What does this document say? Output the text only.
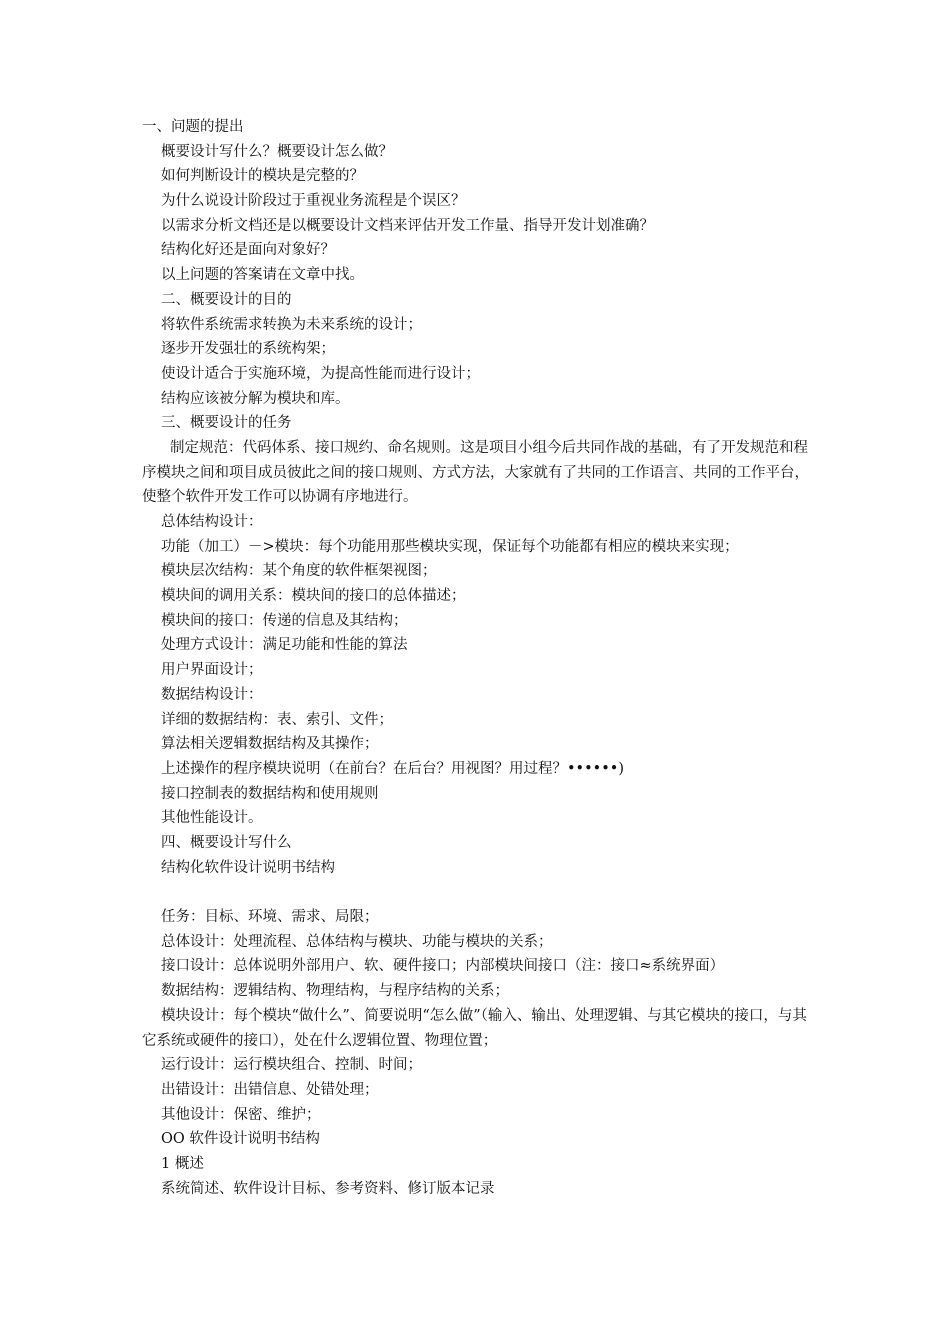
一、问题的提出
概要设计写什么？概要设计怎么做？
如何判断设计的模块是完整的？
为什么说设计阶段过于重视业务流程是个误区？
以需求分析文档还是以概要设计文档来评估开发工作量、指导开发计划准确？
结构化好还是面向对象好？
以上问题的答案请在文章中找。
二、概要设计的目的
将软件系统需求转换为未来系统的设计；
逐步开发强壮的系统构架；
使设计适合于实施环境，为提高性能而进行设计；
结构应该被分解为模块和库。
三、概要设计的任务
制定规范：代码体系、接口规约、命名规则。这是项目小组今后共同作战的基础，有了开发规范和程序模块之间和项目成员彼此之间的接口规则、方式方法，大家就有了共同的工作语言、共同的工作平台，使整个软件开发工作可以协调有序地进行。
总体结构设计：
功能（加工）－>模块：每个功能用那些模块实现，保证每个功能都有相应的模块来实现；
模块层次结构：某个角度的软件框架视图；
模块间的调用关系：模块间的接口的总体描述；
模块间的接口：传递的信息及其结构；
处理方式设计：满足功能和性能的算法
用户界面设计；
数据结构设计：
详细的数据结构：表、索引、文件；
算法相关逻辑数据结构及其操作；
上述操作的程序模块说明（在前台？在后台？用视图？用过程？••••••)
接口控制表的数据结构和使用规则
其他性能设计。
四、概要设计写什么
结构化软件设计说明书结构
任务：目标、环境、需求、局限；
总体设计：处理流程、总体结构与模块、功能与模块的关系；
接口设计：总体说明外部用户、软、硬件接口；内部模块间接口（注：接口≈系统界面）
数据结构：逻辑结构、物理结构，与程序结构的关系；
模块设计：每个模块“做什么”、简要说明“怎么做”（输入、输出、处理逻辑、与其它模块的接口，与其它系统或硬件的接口），处在什么逻辑位置、物理位置；
运行设计：运行模块组合、控制、时间；
出错设计：出错信息、处错处理；
其他设计：保密、维护；
OO 软件设计说明书结构
1 概述
系统简述、软件设计目标、参考资料、修订版本记录
